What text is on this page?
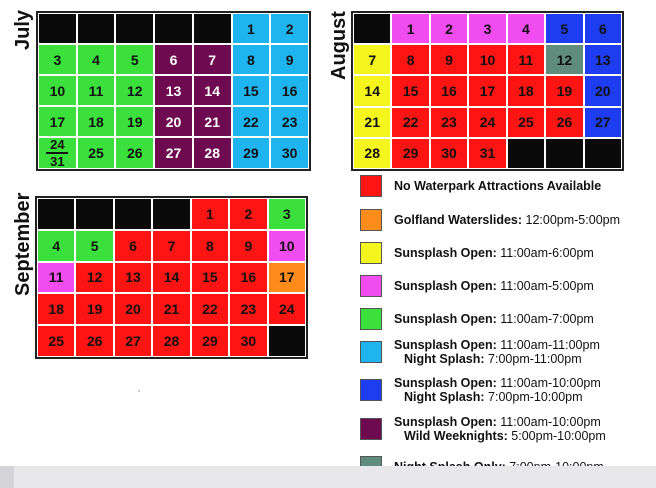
July	August
September
1 2
3 4 5 6 7 8 9
10 11 12 13 14 15 16
17 18 19 20 21 22 23
24
31
25 26 27 28 29 30
1 2 3 4 5 6
7 8 9 10 11 12 13
14 15 16 17 18 19 20
21 22 23 24 25 26 27
28 29 30 31
1 2 3
4 5 6 7 8 9 10
11 12 13 14 15 16 17
18 19 20 21 22 23 24
25 26 27 28 29 30
No Waterpark Attractions Available
Golfland Waterslides: 12:00pm-5:00pm
Sunsplash Open: 11:00am-6:00pm
Sunsplash Open: 11:00am-5:00pm
Sunsplash Open: 11:00am-7:00pm
Sunsplash Open: 11:00am-11:00pm
Night Splash: 7:00pm-11:00pm
Sunsplash Open: 11:00am-10:00pm
Night Splash: 7:00pm-10:00pm
Sunsplash Open: 11:00am-10:00pm
Wild Weeknights: 5:00pm-10:00pm
